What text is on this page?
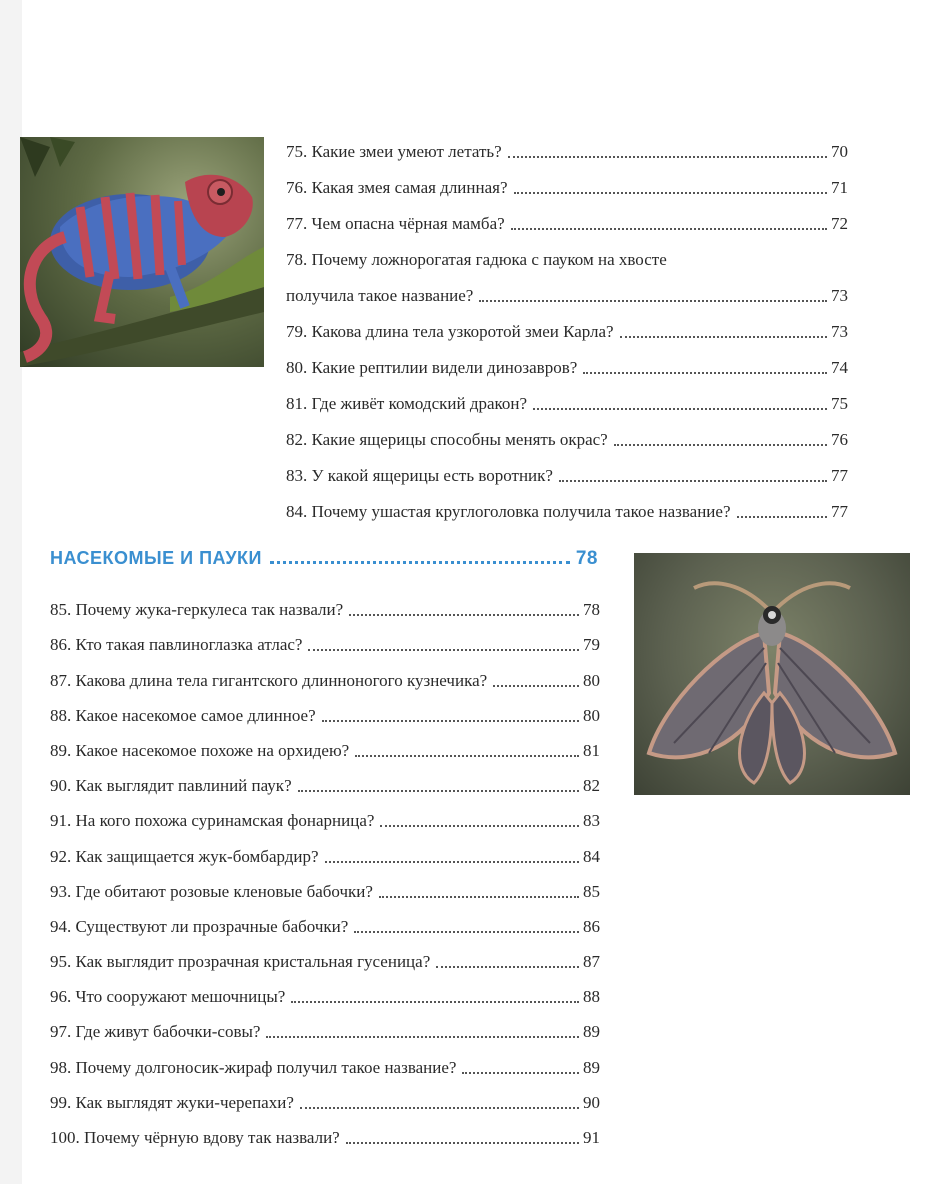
75. Какие змеи умеют летать?	70
76. Какая змея самая длинная?	71
77. Чем опасна чёрная мамба?	72
78. Почему ложнорогатая гадюка с пауком на хвосте
получила такое название?	73
79. Какова длина тела узкоротой змеи Карла?	73
80. Какие рептилии видели динозавров?	74
81. Где живёт комодский дракон?	75
82. Какие ящерицы способны менять окрас?	76
83. У какой ящерицы есть воротник?	77
84. Почему ушастая круглоголовка получила такое название?	77
НАСЕКОМЫЕ И ПАУКИ	78
85. Почему жука-геркулеса так назвали?	78
86. Кто такая павлиноглазка атлас?	79
87. Какова длина тела гигантского длинноногого кузнечика?	80
88. Какое насекомое самое длинное?	80
89. Какое насекомое похоже на орхидею?	81
90. Как выглядит павлиний паук?	82
91. На кого похожа суринамская фонарница?	83
92. Как защищается жук-бомбардир?	84
93. Где обитают розовые кленовые бабочки?	85
94. Существуют ли прозрачные бабочки?	86
95. Как выглядит прозрачная кристальная гусеница?	87
96. Что сооружают мешочницы?	88
97. Где живут бабочки-совы?	89
98. Почему долгоносик-жираф получил такое название?	89
99. Как выглядят жуки-черепахи?	90
100. Почему чёрную вдову так назвали?	91
